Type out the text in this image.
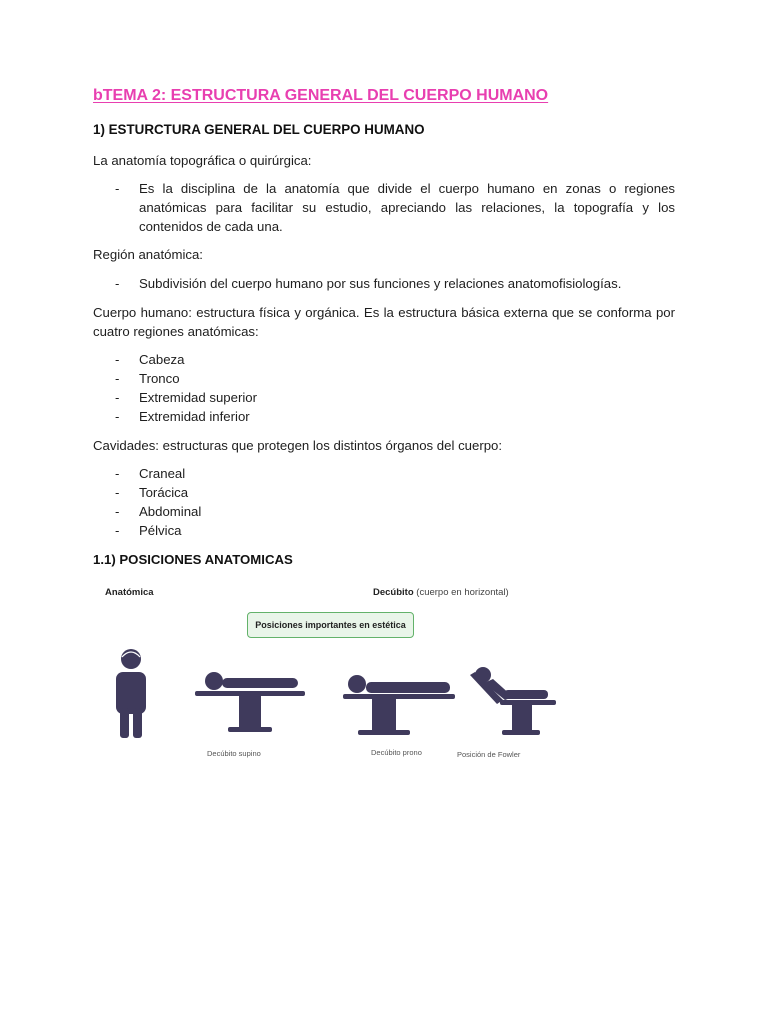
bTEMA 2: ESTRUCTURA GENERAL DEL CUERPO HUMANO
1) ESTURCTURA GENERAL DEL CUERPO HUMANO
La anatomía topográfica o quirúrgica:
- Es la disciplina de la anatomía que divide el cuerpo humano en zonas o regiones anatómicas para facilitar su estudio, apreciando las relaciones, la topografía y los contenidos de cada una.
Región anatómica:
- Subdivisión del cuerpo humano por sus funciones y relaciones anatomofisiologías.
Cuerpo humano: estructura física y orgánica. Es la estructura básica externa que se conforma por cuatro regiones anatómicas:
- Cabeza
- Tronco
- Extremidad superior
- Extremidad inferior
Cavidades: estructuras que protegen los distintos órganos del cuerpo:
- Craneal
- Torácica
- Abdominal
- Pélvica
1.1) POSICIONES ANATOMICAS
Anatómica	Decúbito (cuerpo en horizontal)
Posiciones importantes en estética
Decúbito supino	Decúbito prono	Posición de Fowler
